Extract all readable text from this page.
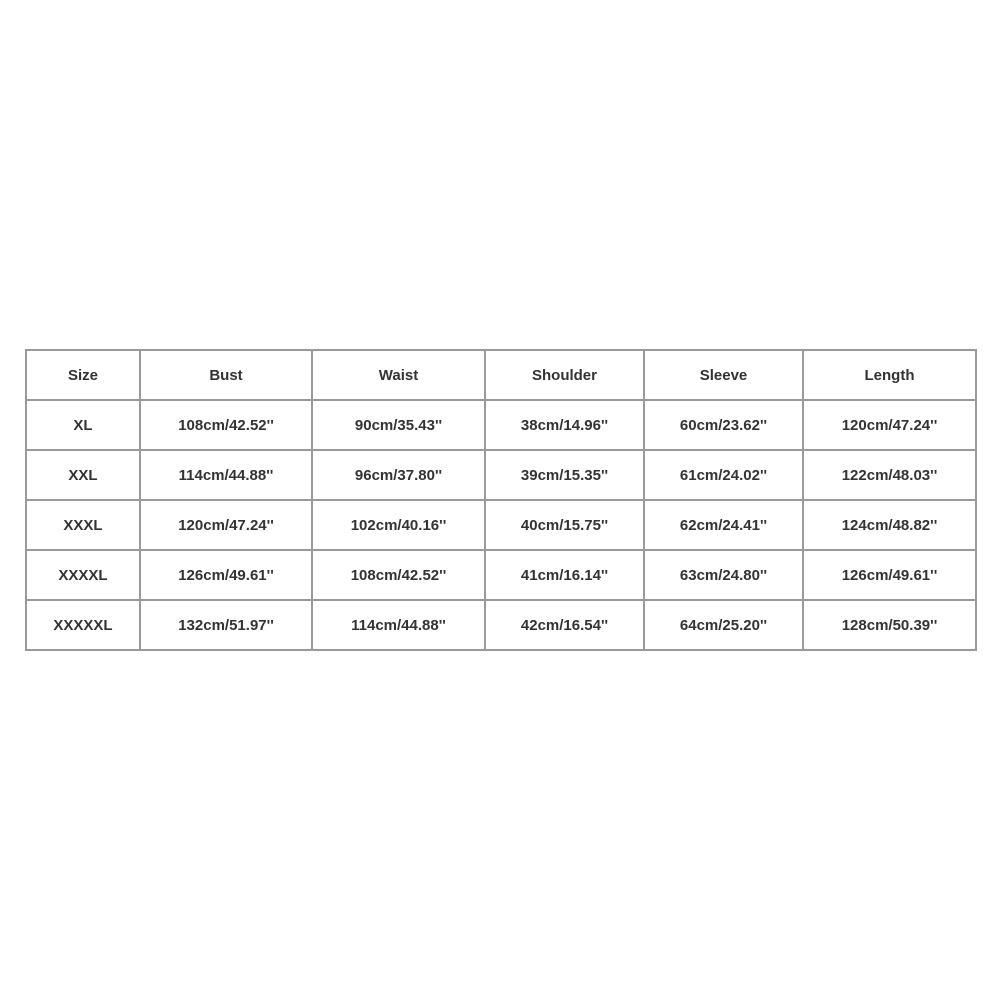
Size	Bust	Waist	Shoulder	Sleeve	Length
XL	108cm/42.52''	90cm/35.43''	38cm/14.96''	60cm/23.62''	120cm/47.24''
XXL	114cm/44.88''	96cm/37.80''	39cm/15.35''	61cm/24.02''	122cm/48.03''
XXXL	120cm/47.24''	102cm/40.16''	40cm/15.75''	62cm/24.41''	124cm/48.82''
XXXXL	126cm/49.61''	108cm/42.52''	41cm/16.14''	63cm/24.80''	126cm/49.61''
XXXXXL	132cm/51.97''	114cm/44.88''	42cm/16.54''	64cm/25.20''	128cm/50.39''
